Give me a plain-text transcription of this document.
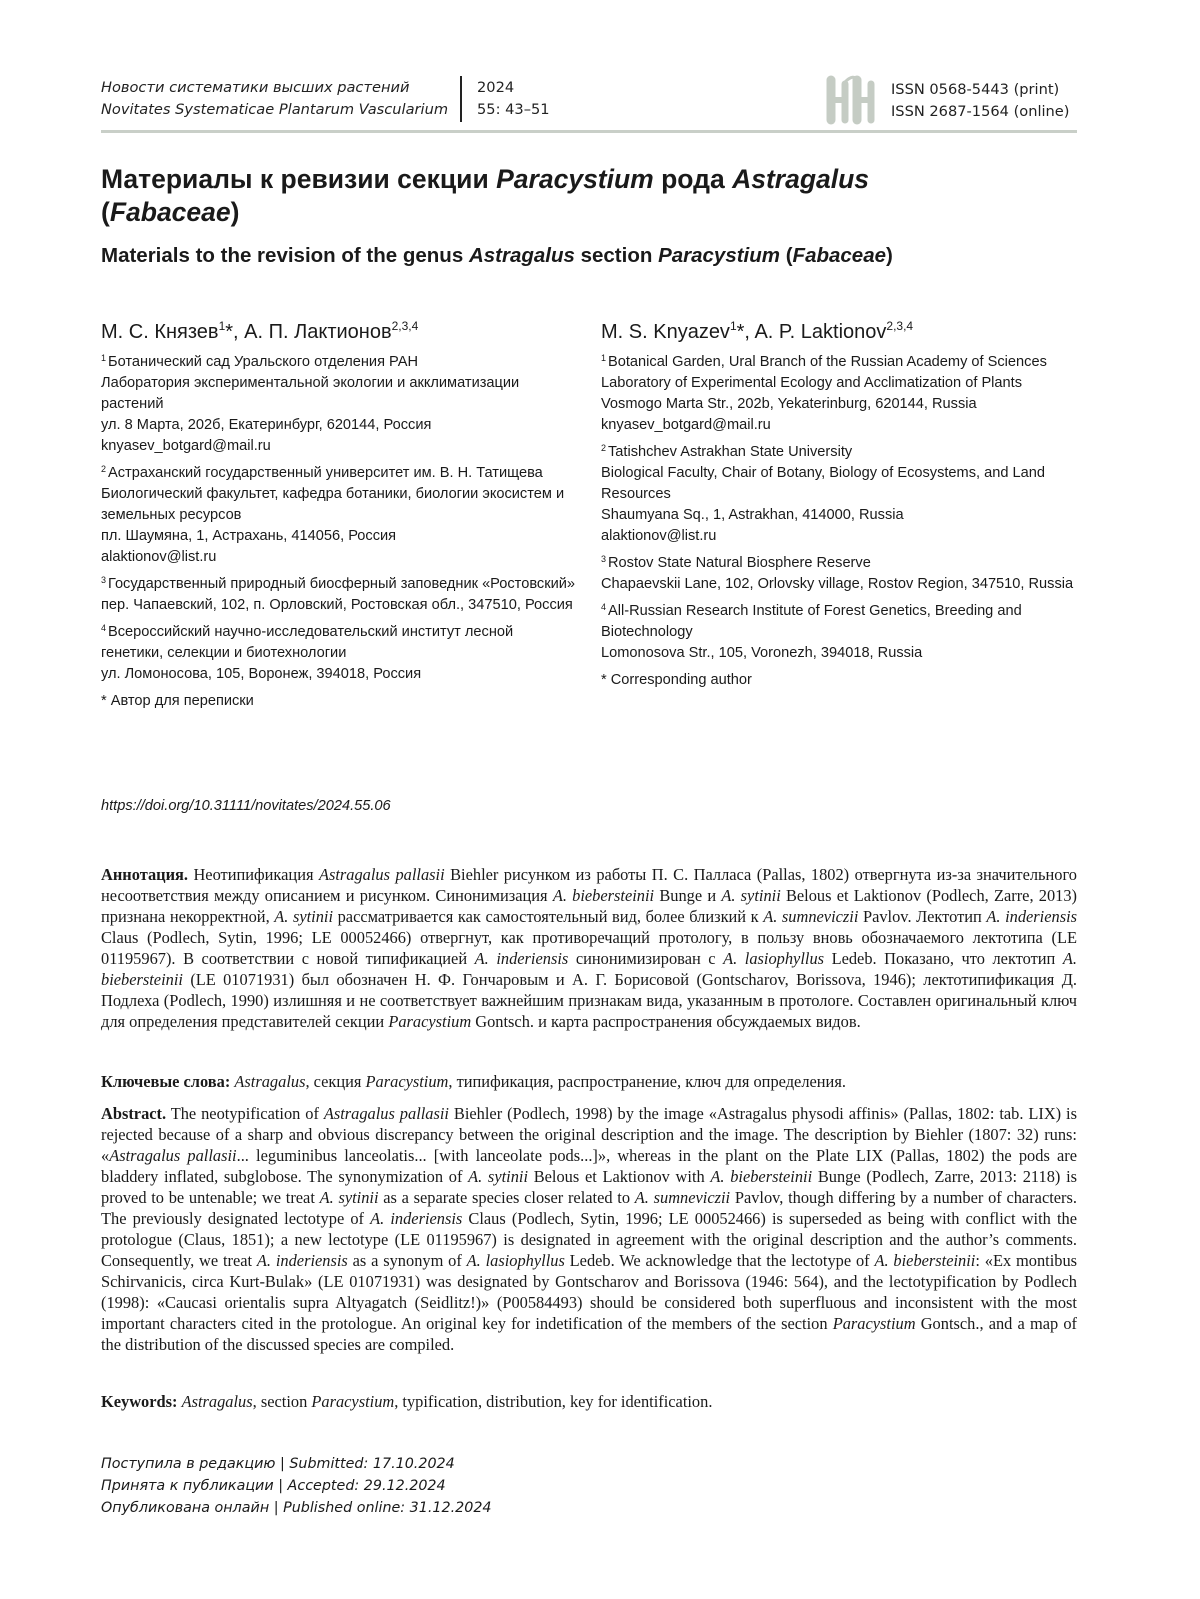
Новости систематики высших растений
Novitates Systematicae Plantarum Vascularium
2024
55: 43–51
ISSN 0568-5443 (print)
ISSN 2687-1564 (online)
Материалы к ревизии секции Paracystium рода Astragalus
(Fabaceae)
Materials to the revision of the genus Astragalus section Paracystium (Fabaceae)
М. С. Князев$^1$*, А. П. Лактионов$^{2,3,4}$
$^1$ Ботанический сад Уральского отделения РАН
Лаборатория экспериментальной экологии и акклиматизации растений
ул. 8 Марта, 202б, Екатеринбург, 620144, Россия
knyasev_botgard@mail.ru
$^2$ Астраханский государственный университет им. В. Н. Татищева
Биологический факультет, кафедра ботаники, биологии экосистем и земельных ресурсов
пл. Шаумяна, 1, Астрахань, 414056, Россия
alaktionov@list.ru
$^3$ Государственный природный биосферный заповедник «Ростовский»
пер. Чапаевский, 102, п. Орловский, Ростовская обл., 347510, Россия
$^4$ Всероссийский научно-исследовательский институт лесной генетики, селекции и биотехнологии
ул. Ломоносова, 105, Воронеж, 394018, Россия
* Автор для переписки
M. S. Knyazev$^1$*, A. P. Laktionov$^{2,3,4}$
$^1$ Botanical Garden, Ural Branch of the Russian Academy of Sciences
Laboratory of Experimental Ecology and Acclimatization of Plants
Vosmogo Marta Str., 202b, Yekaterinburg, 620144, Russia
knyasev_botgard@mail.ru
$^2$ Tatishchev Astrakhan State University
Biological Faculty, Chair of Botany, Biology of Ecosystems, and Land Resources
Shaumyana Sq., 1, Astrakhan, 414000, Russia
alaktionov@list.ru
$^3$ Rostov State Natural Biosphere Reserve
Chapaevskii Lane, 102, Orlovsky village, Rostov Region, 347510, Russia
$^4$ All-Russian Research Institute of Forest Genetics, Breeding and Biotechnology
Lomonosova Str., 105, Voronezh, 394018, Russia
* Corresponding author
https://doi.org/10.31111/novitates/2024.55.06

Аннотация. Неотипификация Astragalus pallasii Biehler рисунком из работы П. С. Палласа (Pallas, 1802) отвергнута из-за значительного несоответствия между описанием и рисунком. Синонимизация A. biebersteinii Bunge и A. sytinii Belous et Laktionov (Podlech, Zarre, 2013) признана некорректной, A. sytinii рассматривается как самостоятельный вид, более близкий к A. sumneviczii Pavlov. Лектотип A. inderiensis Claus (Podlech, Sytin, 1996; LE 00052466) отвергнут, как противоречащий протологу, в пользу вновь обозначаемого лектотипа (LE 01195967). В соответствии с новой типификацией A. inderiensis синонимизирован с A. lasiophyllus Ledeb. Показано, что лектотип A. biebersteinii (LE 01071931) был обозначен Н. Ф. Гончаровым и А. Г. Борисовой (Gontscharov, Borissova, 1946); лектотипификация Д. Подлеха (Podlech, 1990) излишняя и не соответствует важнейшим признакам вида, указанным в протологе. Составлен оригинальный ключ для определения представителей секции Paracystium Gontsch. и карта распространения обсуждаемых видов.

Ключевые слова: Astragalus, секция Paracystium, типификация, распространение, ключ для определения.

Abstract. The neotypification of Astragalus pallasii Biehler (Podlech, 1998) by the image «Astragalus physodi affinis» (Pallas, 1802: tab. LIX) is rejected because of a sharp and obvious discrepancy between the original description and the image. The description by Biehler (1807: 32) runs: «Astragalus pallasii... leguminibus lanceolatis... [with lanceolate pods...]», whereas in the plant on the Plate LIX (Pallas, 1802) the pods are bladdery inflated, subglobose. The synonymization of A. sytinii Belous et Laktionov with A. biebersteinii Bunge (Podlech, Zarre, 2013: 2118) is proved to be untenable; we treat A. sytinii as a separate species closer related to A. sumneviczii Pavlov, though differing by a number of characters. The previously designated lectotype of A. inderiensis Claus (Podlech, Sytin, 1996; LE 00052466) is superseded as being with conflict with the protologue (Claus, 1851); a new lectotype (LE 01195967) is designated in agreement with the original description and the author’s comments. Consequently, we treat A. inderiensis as a synonym of A. lasiophyllus Ledeb. We acknowledge that the lectotype of A. biebersteinii: «Ex montibus Schirvanicis, circa Kurt-Bulak» (LE 01071931) was designated by Gontscharov and Borissova (1946: 564), and the lectotypification by Podlech (1998): «Caucasi orientalis supra Altyagatch (Seidlitz!)» (P00584493) should be considered both superfluous and inconsistent with the most important characters cited in the protologue. An original key for indetification of the members of the section Paracystium Gontsch., and a map of the distribution of the discussed species are compiled.

Keywords: Astragalus, section Paracystium, typification, distribution, key for identification.

Поступила в редакцию | Submitted: 17.10.2024
Принята к публикации | Accepted: 29.12.2024
Опубликована онлайн | Published online: 31.12.2024
